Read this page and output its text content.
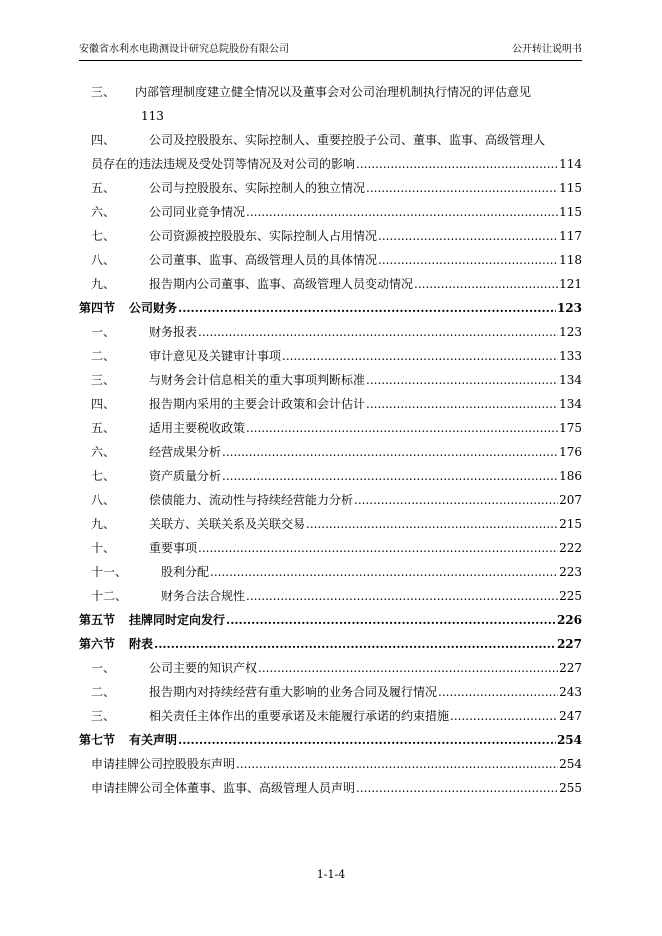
安徽省水利水电勘测设计研究总院股份有限公司	公开转让说明书
三、	内部管理制度建立健全情况以及董事会对公司治理机制执行情况的评估意见
113
四、	公司及控股股东、实际控制人、重要控股子公司、董事、监事、高级管理人
员存在的违法违规及受处罚等情况及对公司的影响 .....	114
五、	公司与控股股东、实际控制人的独立情况 .....	115
六、	公司同业竞争情况 .....	115
七、	公司资源被控股股东、实际控制人占用情况 .....	117
八、	公司董事、监事、高级管理人员的具体情况 .....	118
九、	报告期内公司董事、监事、高级管理人员变动情况 .....	121
第四节	公司财务 .....	123
一、	财务报表 .....	123
二、	审计意见及关键审计事项 .....	133
三、	与财务会计信息相关的重大事项判断标准 .....	134
四、	报告期内采用的主要会计政策和会计估计 .....	134
五、	适用主要税收政策 .....	175
六、	经营成果分析 .....	176
七、	资产质量分析 .....	186
八、	偿债能力、流动性与持续经营能力分析 .....	207
九、	关联方、关联关系及关联交易 .....	215
十、	重要事项 .....	222
十一、	股利分配 .....	223
十二、	财务合法合规性 .....	225
第五节	挂牌同时定向发行 .....	226
第六节	附表 .....	227
一、	公司主要的知识产权 .....	227
二、	报告期内对持续经营有重大影响的业务合同及履行情况 .....	243
三、	相关责任主体作出的重要承诺及未能履行承诺的约束措施 .....	247
第七节	有关声明 .....	254
申请挂牌公司控股股东声明 .....	254
申请挂牌公司全体董事、监事、高级管理人员声明 .....	255
1-1-4
